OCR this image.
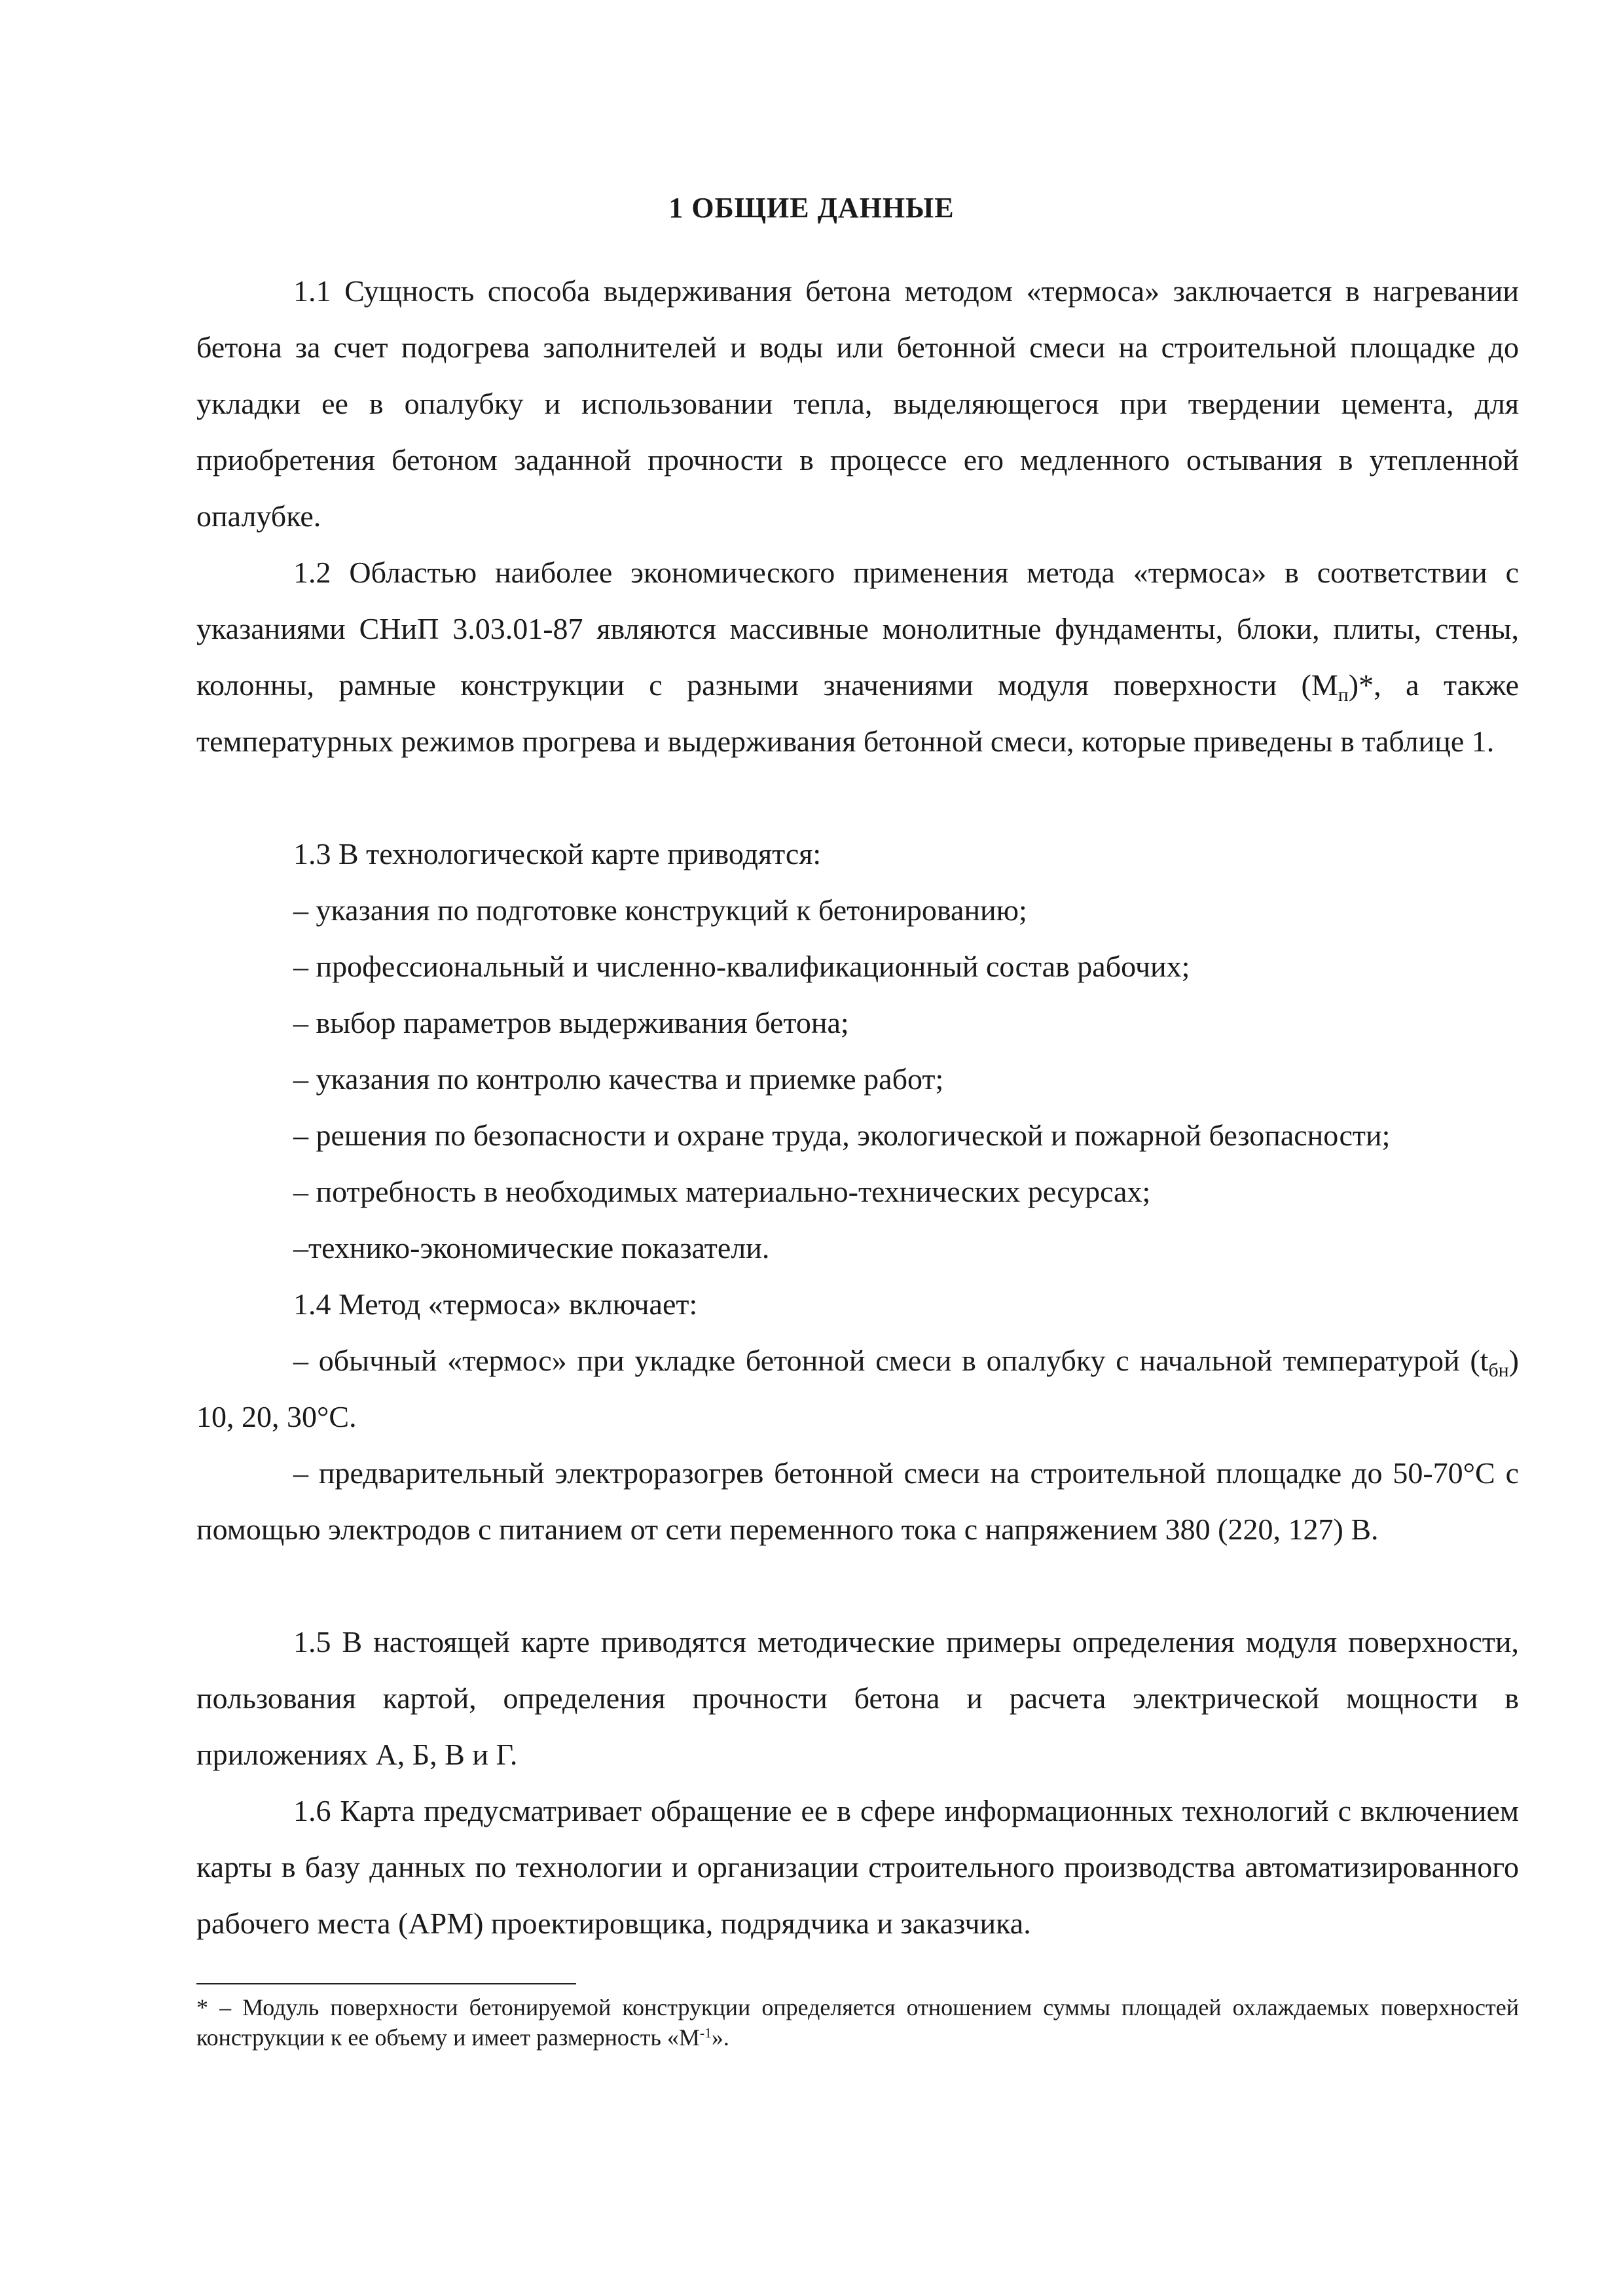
1 ОБЩИЕ ДАННЫЕ

1.1 Сущность способа выдерживания бетона методом «термоса» заключается в нагревании бетона за счет подогрева заполнителей и воды или бетонной смеси на строительной площадке до укладки ее в опалубку и использовании тепла, выделяющегося при твердении цемента, для приобретения бетоном заданной прочности в процессе его медленного остывания в утепленной опалубке.

1.2 Областью наиболее экономического применения метода «термоса» в соответствии с указаниями СНиП 3.03.01-87 являются массивные монолитные фундаменты, блоки, плиты, стены, колонны, рамные конструкции с разными значениями модуля поверхности $(М_п)*$, а также температурных режимов прогрева и выдерживания бетонной смеси, которые приведены в таблице 1.

1.3 В технологической карте приводятся:

– указания по подготовке конструкций к бетонированию;

– профессиональный и численно-квалификационный состав рабочих;

– выбор параметров выдерживания бетона;

– указания по контролю качества и приемке работ;

– решения по безопасности и охране труда, экологической и пожарной безопасности;

– потребность в необходимых материально-технических ресурсах;

–технико-экономические показатели.

1.4 Метод «термоса» включает:

– обычный «термос» при укладке бетонной смеси в опалубку с начальной температурой $(t_{бн})$ 10, 20, 30°С.

– предварительный электроразогрев бетонной смеси на строительной площадке до 50-70°С с помощью электродов с питанием от сети переменного тока с напряжением 380 (220, 127) В.

1.5 В настоящей карте приводятся методические примеры определения модуля поверхности, пользования картой, определения прочности бетона и расчета электрической мощности в приложениях А, Б, В и Г.

1.6 Карта предусматривает обращение ее в сфере информационных технологий с включением карты в базу данных по технологии и организации строительного производства автоматизированного рабочего места (АРМ) проектировщика, подрядчика и заказчика.

* – Модуль поверхности бетонируемой конструкции определяется отношением суммы площадей охлаждаемых поверхностей конструкции к ее объему и имеет размерность «$М^{-1}$».
